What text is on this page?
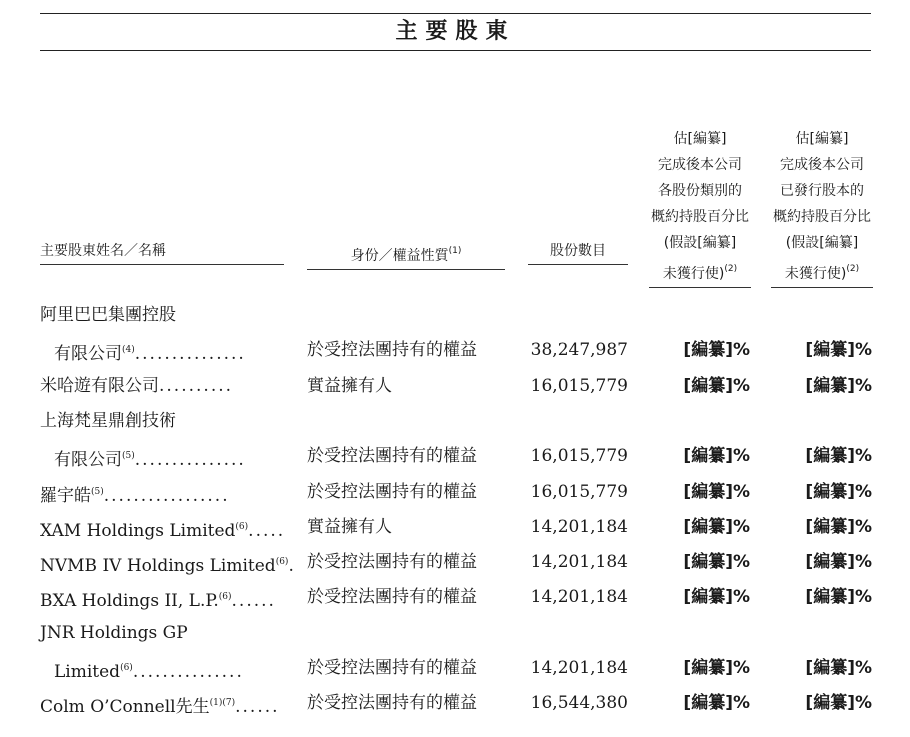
主要股東
主要股東姓名／名稱	身份／權益性質$^{(1)}$	股份數目

估[編纂]
完成後本公司
各股份類別的
概約持股百分比
(假設[編纂]
未獲行使)$^{(2)}$

估[編纂]
完成後本公司
已發行股本的
概約持股百分比
(假設[編纂]
未獲行使)$^{(2)}$

阿里巴巴集團控股
有限公司$^{(4)}$...............	於受控法團持有的權益	38,247,987	[編纂]%	[編纂]%
米哈遊有限公司..........	實益擁有人	16,015,779	[編纂]%	[編纂]%
上海梵星鼎創技術
有限公司$^{(5)}$...............	於受控法團持有的權益	16,015,779	[編纂]%	[編纂]%
羅宇皓$^{(5)}$.................	於受控法團持有的權益	16,015,779	[編纂]%	[編纂]%
XAM Holdings Limited$^{(6)}$..... 實益擁有人	14,201,184	[編纂]%	[編纂]%
NVMB IV Holdings Limited$^{(6)}$. 於受控法團持有的權益	14,201,184	[編纂]%	[編纂]%
BXA Holdings II, L.P.$^{(6)}$...... 於受控法團持有的權益	14,201,184	[編纂]%	[編纂]%
JNR Holdings GP
Limited$^{(6)}$...............	於受控法團持有的權益	14,201,184	[編纂]%	[編纂]%
Colm O’Connell先生$^{(1)(7)}$...... 於受控法團持有的權益	16,544,380	[編纂]%	[編纂]%
